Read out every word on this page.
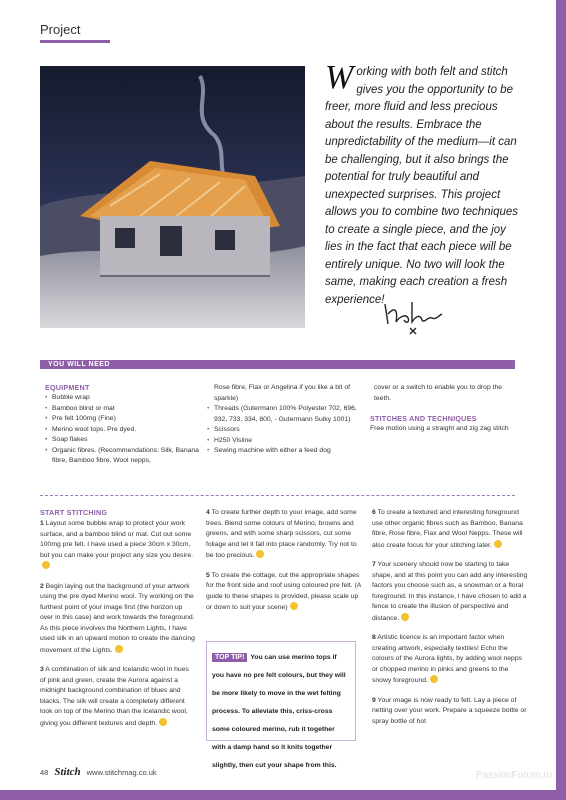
Project

Working with both felt and stitch gives you the opportunity to be freer, more fluid and less precious about the results. Embrace the unpredictability of the medium—it can be challenging, but it also brings the potential for truly beautiful and unexpected surprises. This project allows you to combine two techniques to create a single piece, and the joy lies in the fact that each piece will be entirely unique. No two will look the same, making each creation a fresh experience!

YOU WILL NEED
EQUIPMENT
• Bubble wrap
• Bamboo blind or mat
• Pre felt 100mg (Fine)
• Merino wool tops. Pre dyed.
• Soap flakes
• Organic fibres. (Recommendations: Silk, Banana fibre, Bamboo fibre, Wool nepps,

Rose fibre, Flax or Angelina if you like a bit of sparkle)

• Threads (Gutermann 100% Polyester 702, 696, 932, 733, 334, 800, - Gutermann Sulky 1001)
• Scissors
• H250 Visline
• Sewing machine with either a feed dog

cover or a switch to enable you to drop the teeth.

STITCHES AND TECHNIQUES

Free motion using a straight and zig zag stitch

START STITCHING

1 Layout some bubble wrap to protect your work surface, and a bamboo blind or mat. Cut out some 100mg pre felt. I have used a piece 30cm x 30cm, but you can make your project any size you desire.

2 Begin laying out the background of your artwork using the pre dyed Merino wool. Try working on the furthest point of your image first (the horizon up over in this case) and work towards the foreground. As this piece involves the Northern Lights, I have used silk in an upward motion to create the dancing movement of the Lights.

3 A combination of silk and Icelandic wool in hues of pink and green, create the Aurora against a midnight background combination of blues and blacks. The silk will create a completely different look on top of the Merino than the Icelandic wool, giving you different textures and depth.

4 To create further depth to your image, add some trees. Blend some colours of Merino, browns and greens, and with some sharp scissors, cut some foliage and let it fall into place randomly. Try not to be too precious.

5 To create the cottage, cut the appropriate shapes for the front side and roof using coloured pre felt. (A guide to these shapes is provided, please scale up or down to suit your scene)

TOP TIP! You can use merino tops if you have no pre felt colours, but they will be more likely to move in the wet felting process. To alleviate this, criss-cross some coloured merino, rub it together with a damp hand so it knits together slightly, then cut your shape from this.

6 To create a textured and interesting foreground use other organic fibres such as Bamboo, Banana fibre, Rose fibre, Flax and Wool Nepps. These will also create focus for your stitching later.

7 Your scenery should now be starting to take shape, and at this point you can add any interesting factors you choose such as, a snowman or a floral foreground. In this instance, I have chosen to add a fence to create the illusion of perspective and distance.

8 Artistic licence is an important factor when creating artwork, especially textiles! Echo the colours of the Aurora lights, by adding wool nepps or chopped merino in pinks and greens to the snowy foreground.

9 Your image is now ready to felt. Lay a piece of netting over your work. Prepare a squeeze bottle or spray bottle of hot

48 Stitch www.stitchmag.co.uk	PassionForum.ru
